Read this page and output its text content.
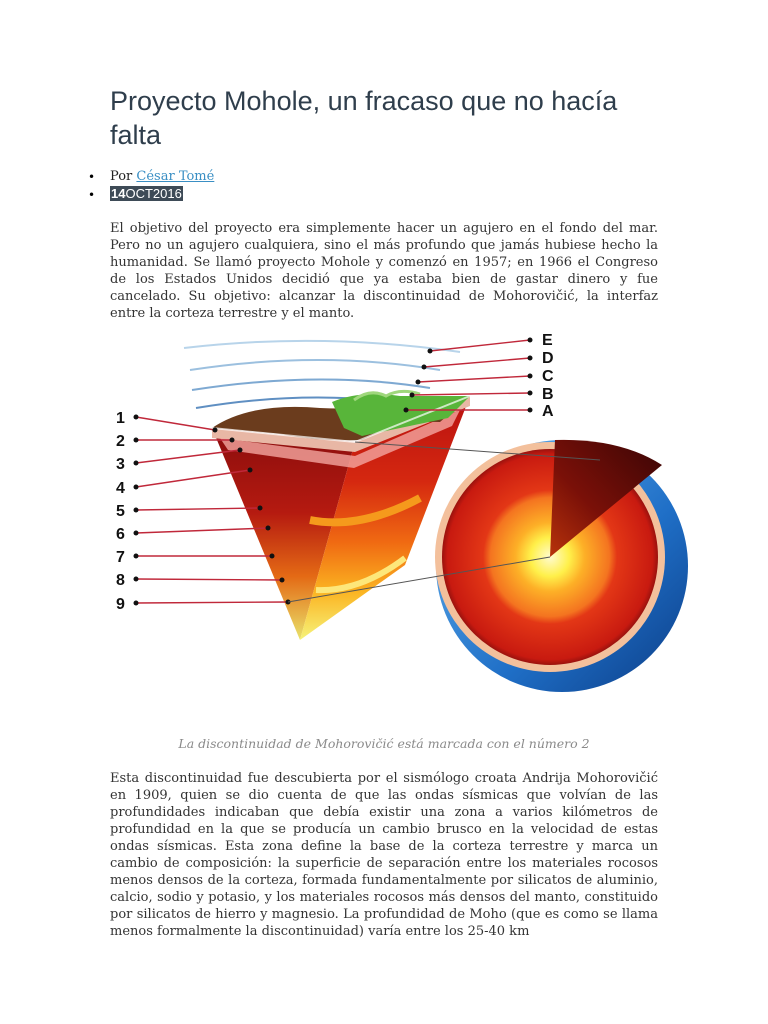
Proyecto Mohole, un fracaso que no hacía falta
• Por César Tomé
• 14OCT2016

El objetivo del proyecto era simplemente hacer un agujero en el fondo del mar. Pero no un agujero cualquiera, sino el más profundo que jamás hubiese hecho la humanidad. Se llamó proyecto Mohole y comenzó en 1957; en 1966 el Congreso de los Estados Unidos decidió que ya estaba bien de gastar dinero y fue cancelado. Su objetivo: alcanzar la discontinuidad de Mohorovičić, la interfaz entre la corteza terrestre y el manto.

1
2
3
4
5
6
7
8
9
E
D
C
B
A

La discontinuidad de Mohorovičić está marcada con el número 2

Esta discontinuidad fue descubierta por el sismólogo croata Andrija Mohorovičić en 1909, quien se dio cuenta de que las ondas sísmicas que volvían de las profundidades indicaban que debía existir una zona a varios kilómetros de profundidad en la que se producía un cambio brusco en la velocidad de estas ondas sísmicas. Esta zona define la base de la corteza terrestre y marca un cambio de composición: la superficie de separación entre los materiales rocosos menos densos de la corteza, formada fundamentalmente por silicatos de aluminio, calcio, sodio y potasio, y los materiales rocosos más densos del manto, constituido por silicatos de hierro y magnesio. La profundidad de Moho (que es como se llama menos formalmente la discontinuidad) varía entre los 25-40 km
